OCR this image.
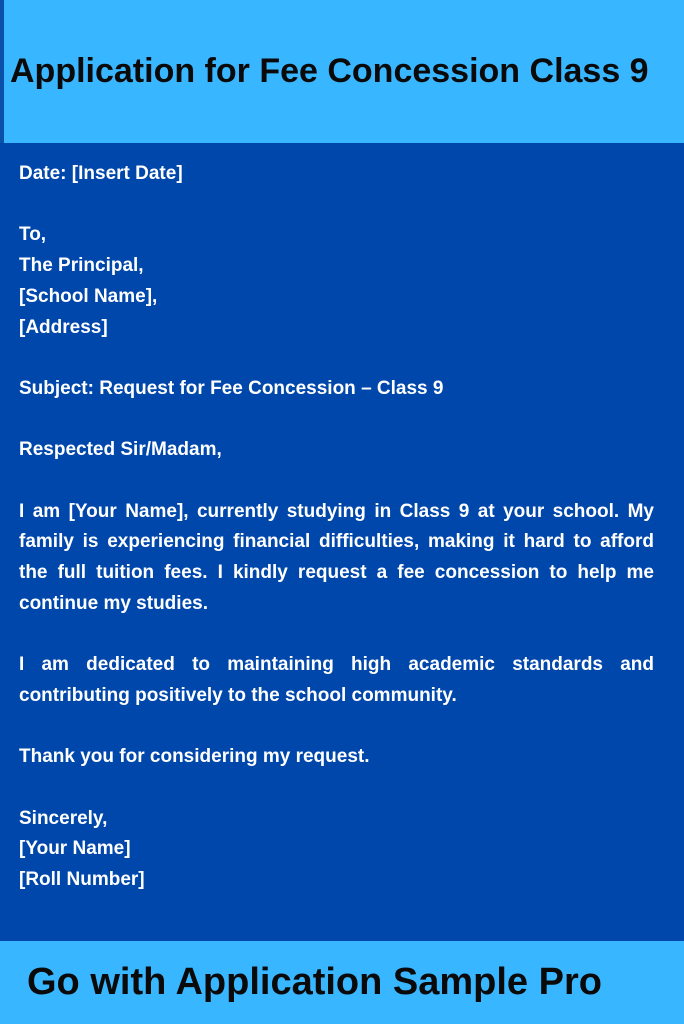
Application for Fee Concession Class 9

Date: [Insert Date]

To,

The Principal,

[School Name],

[Address]

Subject: Request for Fee Concession – Class 9

Respected Sir/Madam,

I am [Your Name], currently studying in Class 9 at your school. My family is experiencing financial difficulties, making it hard to afford the full tuition fees. I kindly request a fee concession to help me continue my studies.

I am dedicated to maintaining high academic standards and contributing positively to the school community.

Thank you for considering my request.

Sincerely,

[Your Name]

[Roll Number]

Go with Application Sample Pro
